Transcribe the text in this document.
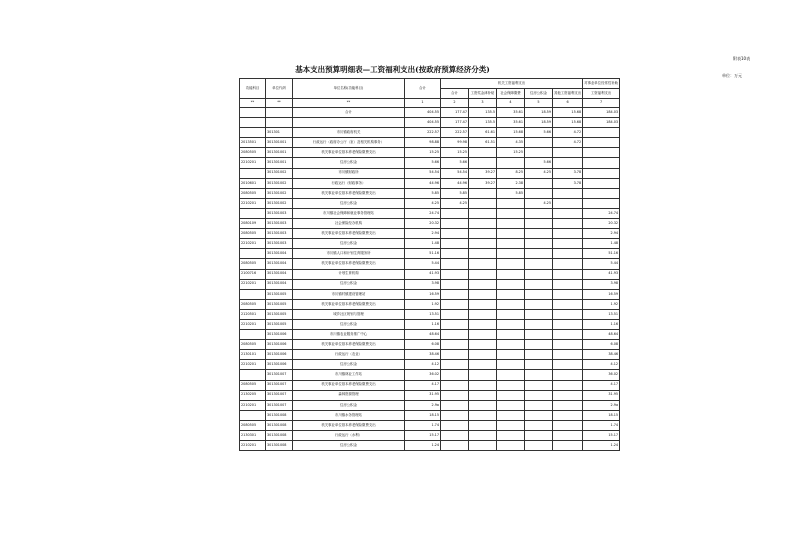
附表10表
基本支出预算明细表—工资福利支出(按政府预算经济分类)
单位：万元
功能科目	单位代码	单位名称(功能科目)	合计	机关工资福利支出					对事业单位经常性补助
				合计	工资奖金津补贴	社会保障缴费	住房公积金	其他工资福利支出	工资福利支出
**	**	**	1	2	3	4	5	6	7
		合计	404.55	177.47	135.5	35.61	18.59	15.68	184.03
			404.55	177.47	135.5	35.61	18.59	15.68	184.03
	301301	市川镇政府机关	222.57	222.57	61.61	15.68	5.66	4.72	
2013501	301301001	行政运行（政府办公厅（室）及相关机构事务）	98.88	99.98	61.51	4.35		4.72	
2080505	301301001	机关事业单位基本养老保险缴费支出	15.25	15.25		15.25			
2210201	301301001	住房公积金	5.66	5.66			5.66		
	301301002	市川镇财政所	54.54	54.54	39.27	8.25	4.25	3.78	
2010601	301301002	行政运行（财政事务）	44.96	44.96	39.27	2.38		3.78	
2080505	301301002	机关事业单位基本养老保险缴费支出	5.85	5.85		5.85			
2210201	301301002	住房公积金	4.25	4.25			4.25		
	301301003	市川镇社会保障和就业事务管理站	24.74						24.74
2080109	301301003	社会保险经办机构	20.32						20.32
2080505	301301003	机关事业单位基本养老保险缴费支出	2.94						2.94
2210201	301301003	住房公积金	1.48						1.48
	301301004	市川镇人口和计划生育服务所	51.16						51.16
2080505	301301004	机关事业单位基本养老保险缴费支出	5.44						5.44
2100716	301301004	计划生育机构	41.93						41.93
2210201	301301004	住房公积金	3.98						3.98
	301301005	市川镇村镇建设管理站	16.59						16.59
2080505	301301005	机关事业单位基本养老保险缴费支出	1.92						1.92
2120501	301301005	城乡社区规划与管理	13.51						13.51
2210201	301301005	住房公积金	1.16						1.16
	301301006	市川镇农业服务推广中心	48.64						48.64
2080505	301301006	机关事业单位基本养老保险缴费支出	6.08						6.08
2130101	301301006	行政运行（农业）	38.46						38.46
2210201	301301006	住房公积金	4.12						4.12
	301301007	市川镇林业工作站	36.02						36.02
2080505	301301007	机关事业单位基本养老保险缴费支出	4.17						4.17
2130205	301301007	森林资源管理	31.95						31.95
2210201	301301007	住房公积金	2.9a						2.9a
	301301008	市川镇水务管理站	18.15						18.15
2080505	301301008	机关事业单位基本养老保险缴费支出	1.74						1.74
2130301	301301008	行政运行（水利）	15.17						15.17
2210201	301301008	住房公积金	1.24						1.24
